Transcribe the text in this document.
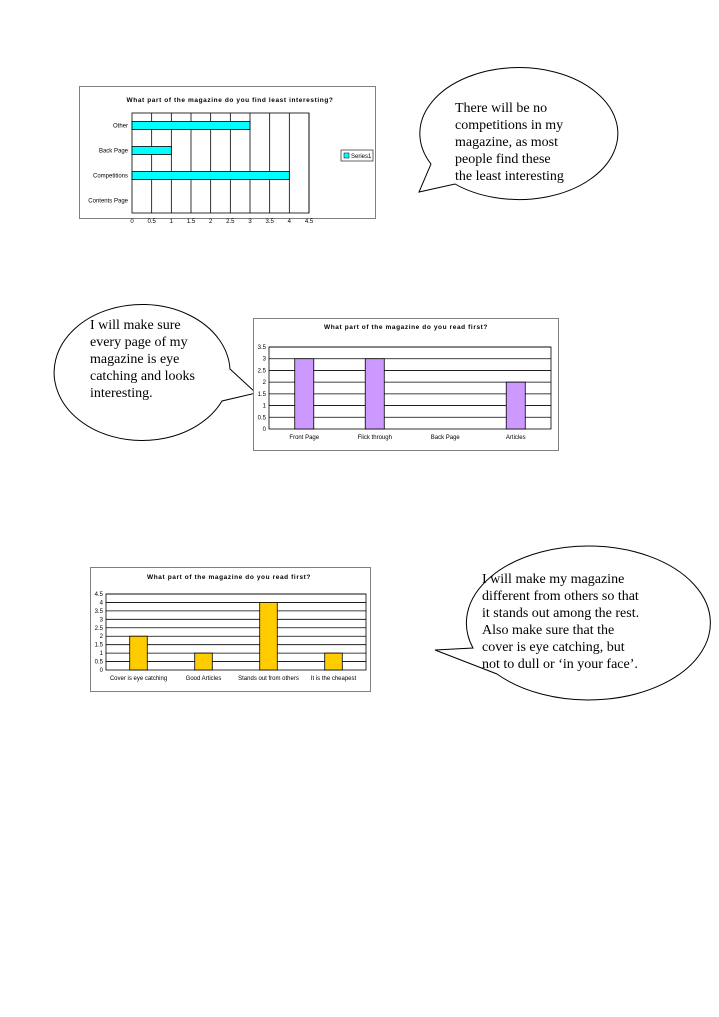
What part of the magazine do you find least interesting?
0 0.5 1 1.5 2 2.5 3 3.5 4 4.5
Contents Page
Competitions
Back Page
Other
Series1
There will be no
competitions in my
magazine, as most
people find these
the least interesting
I will make sure
every page of my
magazine is eye
catching and looks
interesting.
What part of the magazine do you read first?
0
0.5
1
1.5
2
2.5
3
3.5
Front Page	Flick through	Back Page	Articles
What part of the magazine do you read first?
0
0.5
1
1.5
2
2.5
3
3.5
4
4.5
Cover is eye catching	Good Articles	Stands out from others It is the cheapest
I will make my magazine
different from others so that
it stands out among the rest.
Also make sure that the
cover is eye catching, but
not to dull or ‘in your face’.
